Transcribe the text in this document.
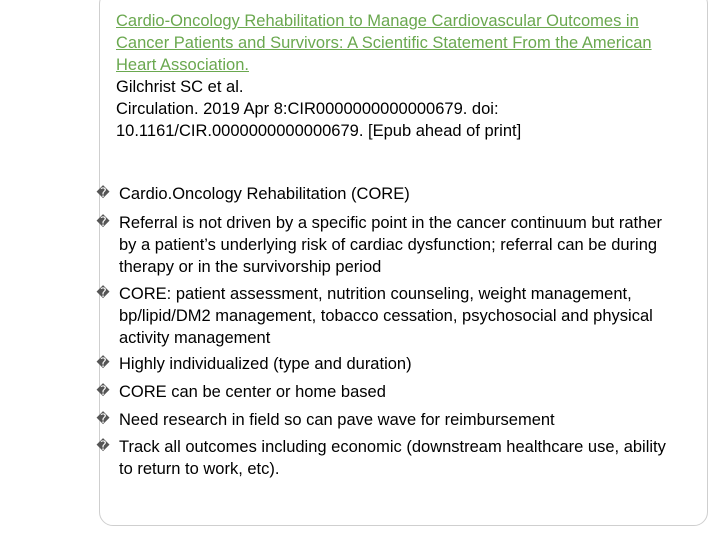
Cardio-Oncology Rehabilitation to Manage Cardiovascular Outcomes in Cancer Patients and Survivors: A Scientific Statement From the American Heart Association.
Gilchrist SC et al.
Circulation. 2019 Apr 8:CIR0000000000000679. doi: 10.1161/CIR.0000000000000679. [Epub ahead of print]
� Cardio.Oncology Rehabilitation (CORE)
� Referral is not driven by a specific point in the cancer continuum but rather by a patient’s underlying risk of cardiac dysfunction; referral can be during therapy or in the survivorship period
� CORE: patient assessment, nutrition counseling, weight management, bp/lipid/DM2 management, tobacco cessation, psychosocial and physical activity management
� Highly individualized (type and duration)
� CORE can be center or home based
� Need research in field so can pave wave for reimbursement
� Track all outcomes including economic (downstream healthcare use, ability to return to work, etc).
